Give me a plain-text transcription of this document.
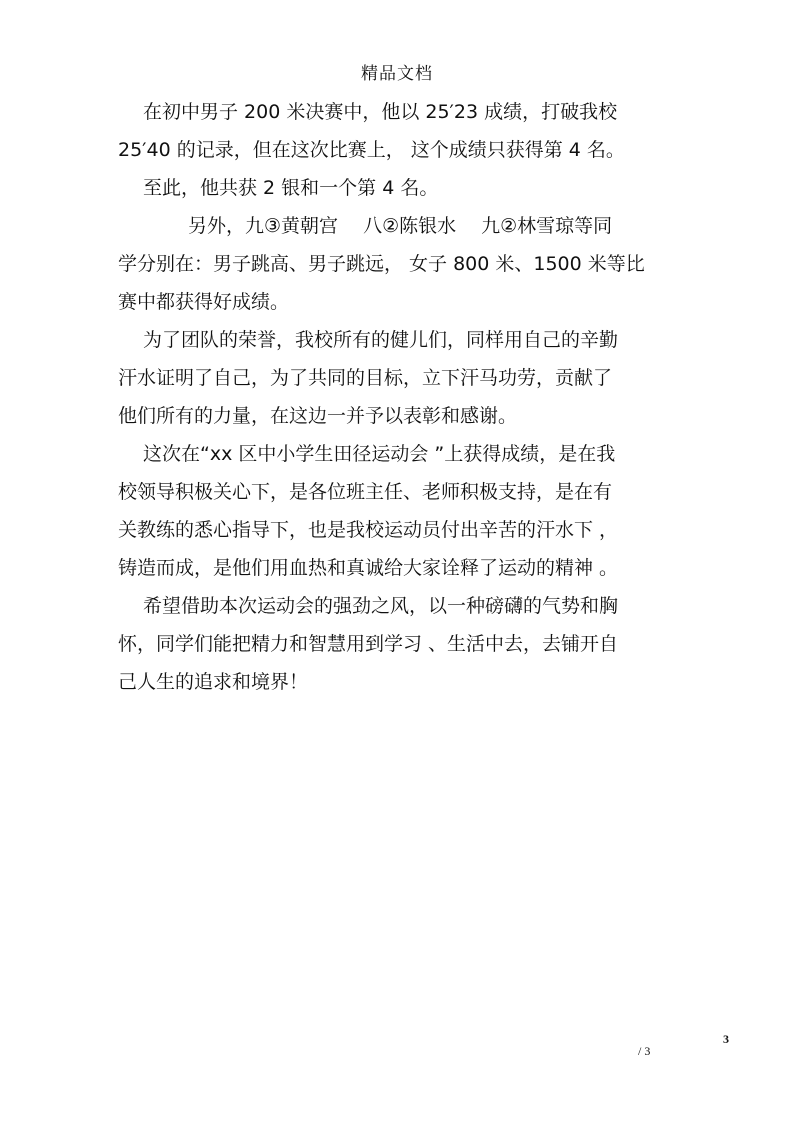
精品文档
在初中男子 200 米决赛中，他以 25′23 成绩，打破我校
25′40 的记录，但在这次比赛上， 这个成绩只获得第 4 名。
至此，他共获 2 银和一个第 4 名。
另外，九③黄朝宫　 八②陈银水　 九②林雪琼等同
学分别在：男子跳高、男子跳远， 女子 800 米、1500 米等比
赛中都获得好成绩。
为了团队的荣誉，我校所有的健儿们，同样用自己的辛勤
汗水证明了自己，为了共同的目标，立下汗马功劳，贡献了
他们所有的力量，在这边一并予以表彰和感谢。
这次在“xx 区中小学生田径运动会 ”上获得成绩，是在我
校领导积极关心下，是各位班主任、老师积极支持，是在有
关教练的悉心指导下，也是我校运动员付出辛苦的汗水下 ，
铸造而成，是他们用血热和真诚给大家诠释了运动的精神 。
希望借助本次运动会的强劲之风，以一种磅礴的气势和胸
怀，同学们能把精力和智慧用到学习 、生活中去，去铺开自
己人生的追求和境界！
3
/ 3
